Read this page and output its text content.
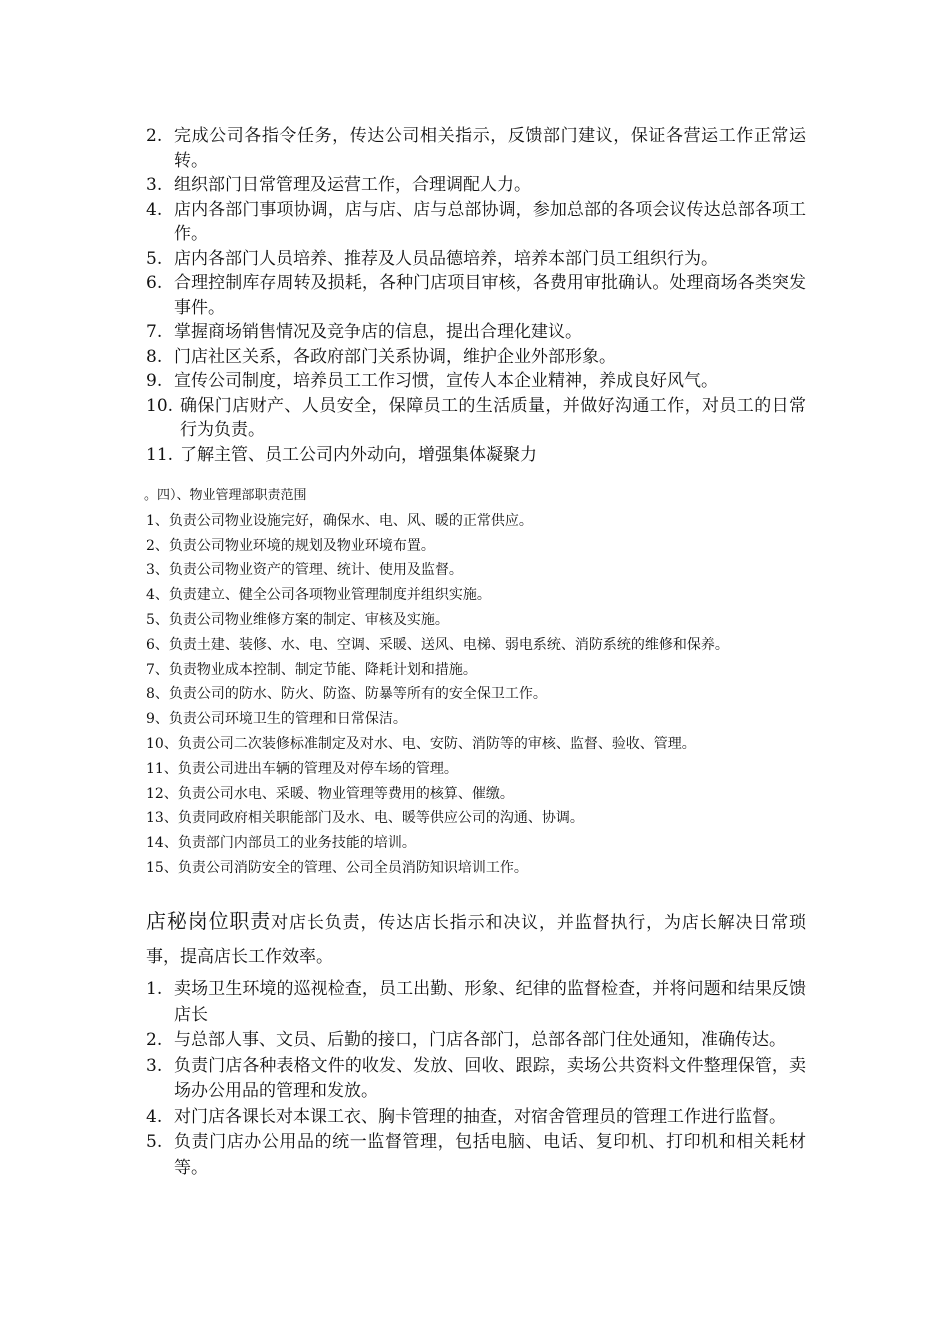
2. 完成公司各指令任务，传达公司相关指示，反馈部门建议，保证各营运工作正常运转。
3. 组织部门日常管理及运营工作，合理调配人力。
4. 店内各部门事项协调，店与店、店与总部协调，参加总部的各项会议传达总部各项工作。
5. 店内各部门人员培养、推荐及人员品德培养，培养本部门员工组织行为。
6. 合理控制库存周转及损耗，各种门店项目审核，各费用审批确认。处理商场各类突发事件。
7. 掌握商场销售情况及竞争店的信息，提出合理化建议。
8. 门店社区关系，各政府部门关系协调，维护企业外部形象。
9. 宣传公司制度，培养员工工作习惯，宣传人本企业精神，养成良好风气。
10. 确保门店财产、人员安全，保障员工的生活质量，并做好沟通工作，对员工的日常行为负责。
11. 了解主管、员工公司内外动向，增强集体凝聚力
。四）、物业管理部职责范围
1、负责公司物业设施完好，确保水、电、风、暖的正常供应。
2、负责公司物业环境的规划及物业环境布置。
3、负责公司物业资产的管理、统计、使用及监督。
4、负责建立、健全公司各项物业管理制度并组织实施。
5、负责公司物业维修方案的制定、审核及实施。
6、负责土建、装修、水、电、空调、采暖、送风、电梯、弱电系统、消防系统的维修和保养。
7、负责物业成本控制、制定节能、降耗计划和措施。
8、负责公司的防水、防火、防盗、防暴等所有的安全保卫工作。
9、负责公司环境卫生的管理和日常保洁。
10、负责公司二次装修标准制定及对水、电、安防、消防等的审核、监督、验收、管理。
11、负责公司进出车辆的管理及对停车场的管理。
12、负责公司水电、采暖、物业管理等费用的核算、催缴。
13、负责同政府相关职能部门及水、电、暖等供应公司的沟通、协调。
14、负责部门内部员工的业务技能的培训。
15、负责公司消防安全的管理、公司全员消防知识培训工作。

店秘岗位职责对店长负责，传达店长指示和决议，并监督执行，为店长解决日常琐事，提高店长工作效率。

1. 卖场卫生环境的巡视检查，员工出勤、形象、纪律的监督检查，并将问题和结果反馈店长
2. 与总部人事、文员、后勤的接口，门店各部门，总部各部门住处通知，准确传达。
3. 负责门店各种表格文件的收发、发放、回收、跟踪，卖场公共资料文件整理保管，卖场办公用品的管理和发放。
4. 对门店各课长对本课工衣、胸卡管理的抽查，对宿舍管理员的管理工作进行监督。
5. 负责门店办公用品的统一监督管理，包括电脑、电话、复印机、打印机和相关耗材等。
